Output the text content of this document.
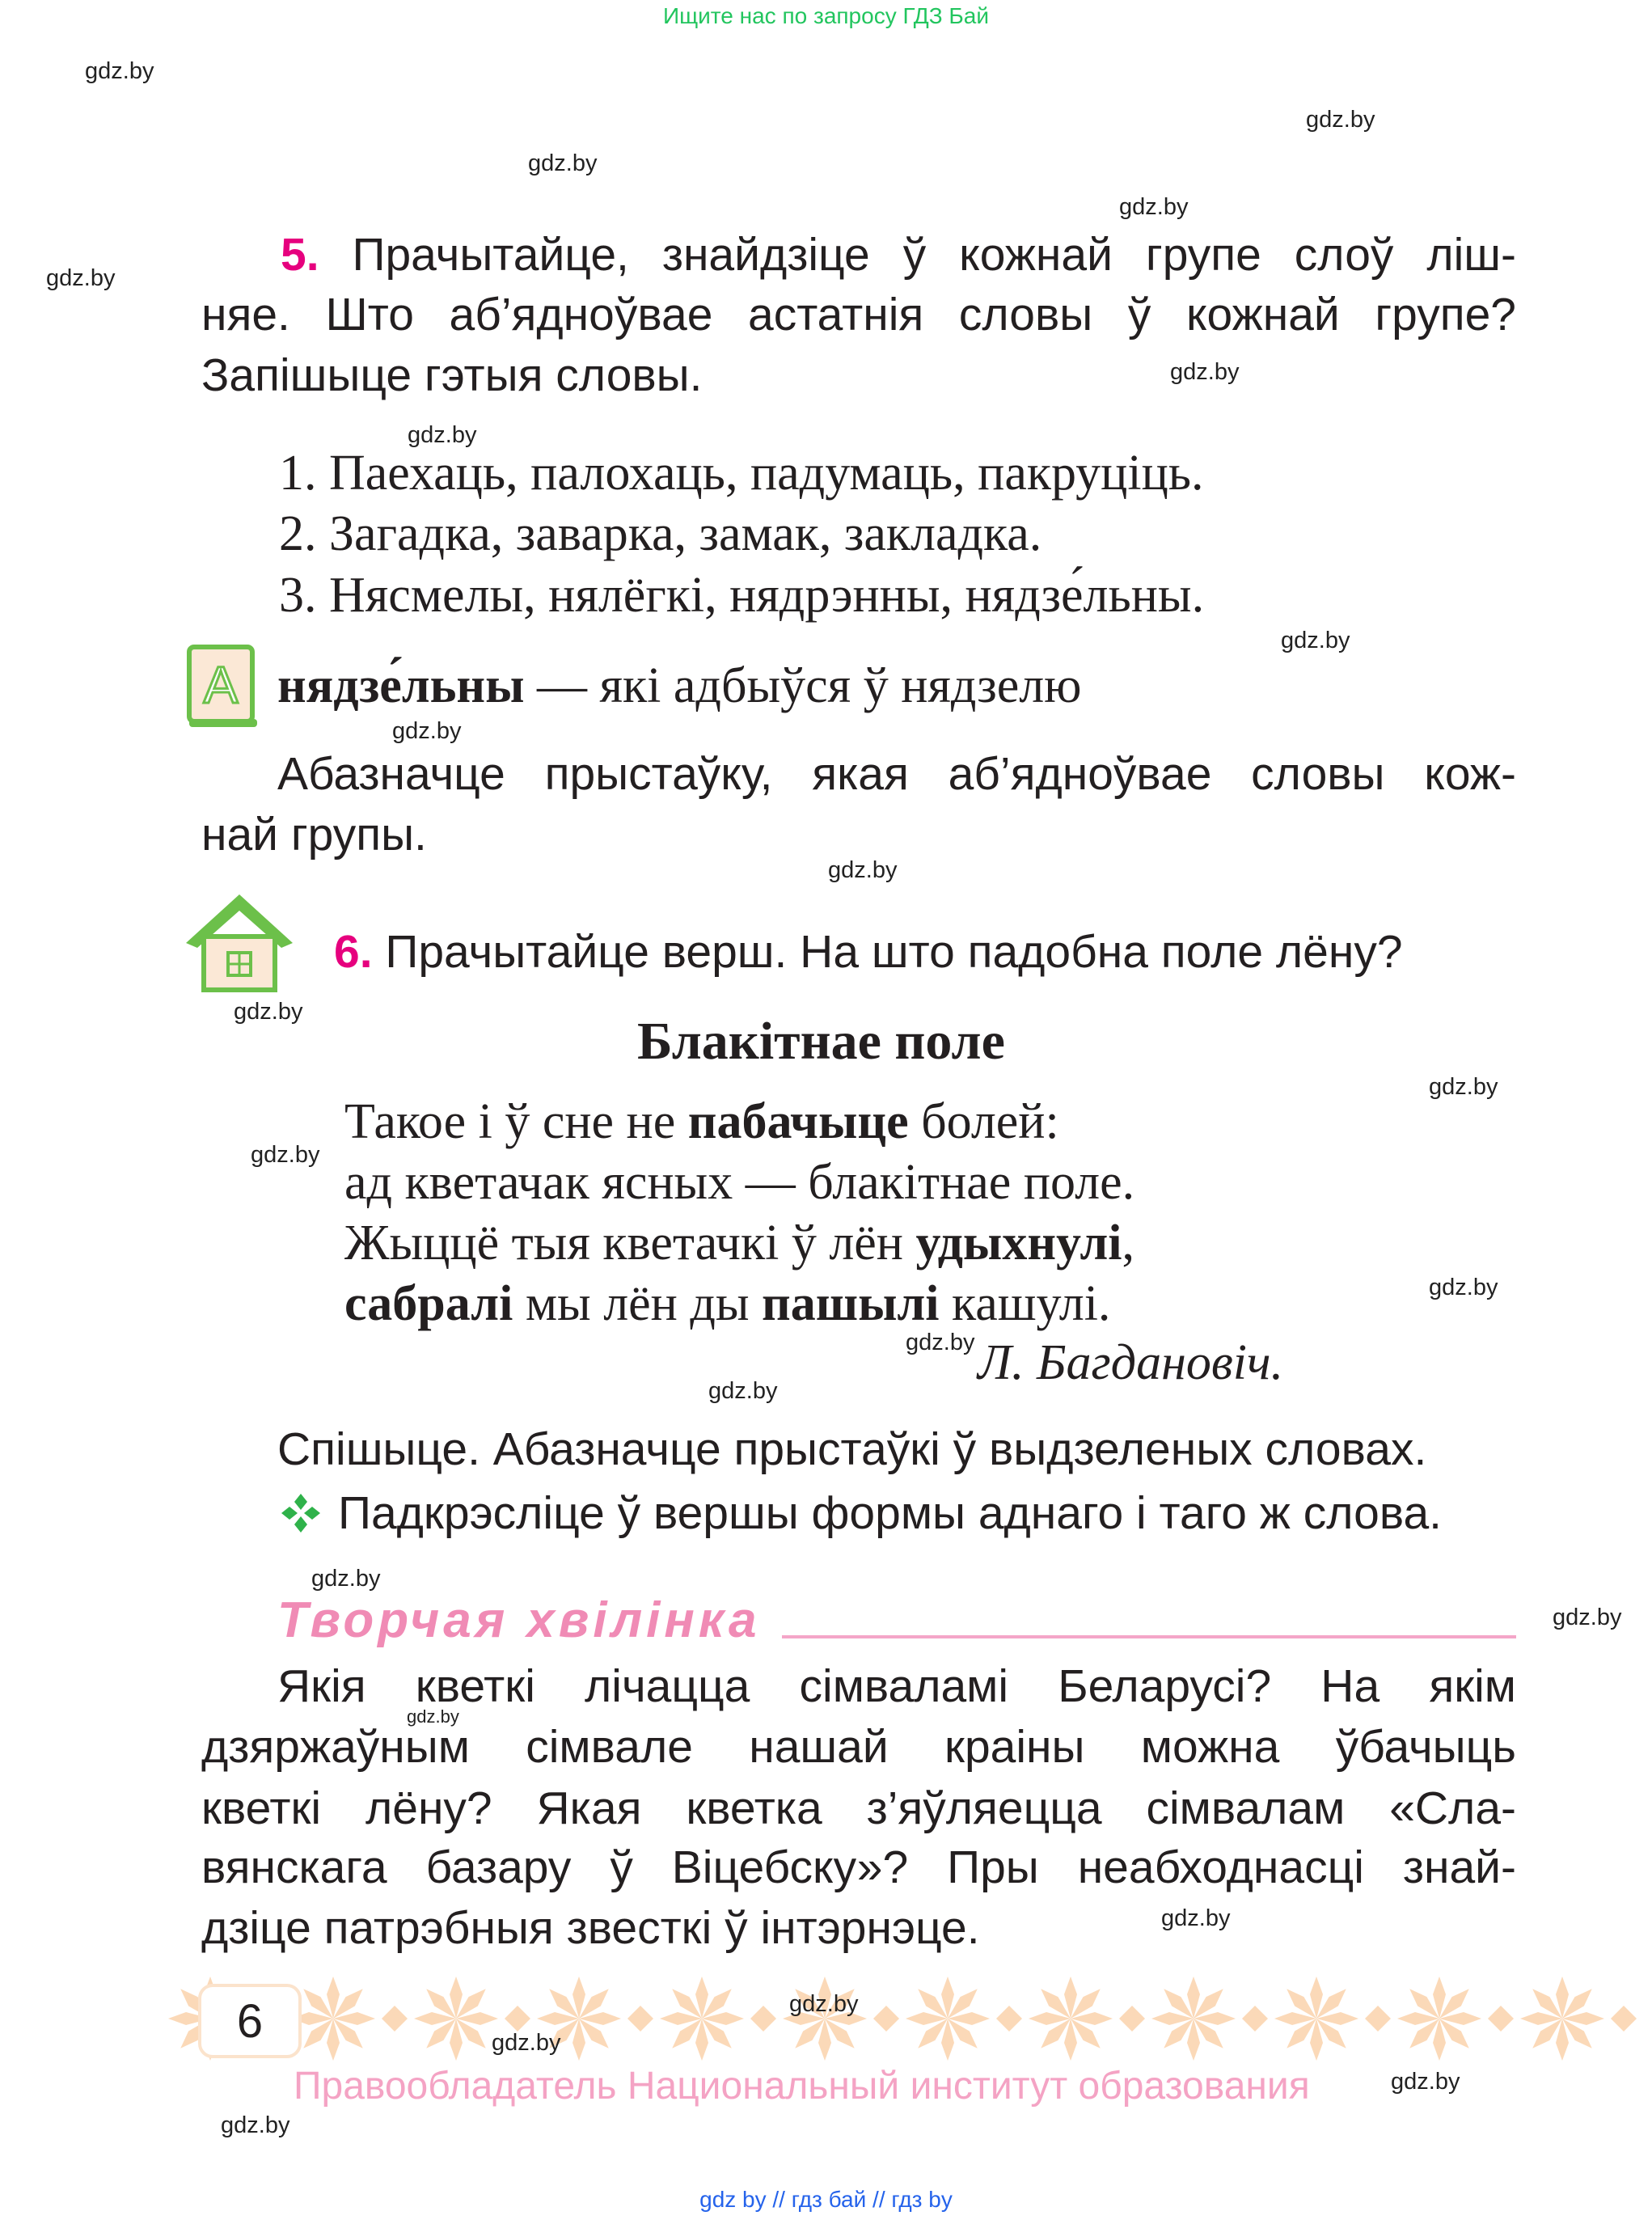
Ищите нас по запросу ГДЗ Бай
5. Прачытайце, знайдзіце ў кожнай групе слоў ліш-
няе. Што аб’ядноўвае астатнія словы ў кожнай групе?
Запішыце гэтыя словы.
1. Паехаць, палохаць, падумаць, пакруціць.
2. Загадка, заварка, замак, закладка.
3. Нясмелы, нялёгкі, нядрэнны, нядзе́льны.
А нядзе́льны — які адбыўся ў нядзелю
Абазначце прыстаўку, якая аб’ядноўвае словы кож-
най групы.
6. Прачытайце верш. На што падобна поле лёну?
Блакітнае поле
Такое і ў сне не пабачыце болей:
ад кветачак ясных — блакітнае поле.
Жыццё тыя кветачкі ў лён удыхнулі,
сабралі мы лён ды пашылі кашулі.
Л. Багдановіч.
Спішыце. Абазначце прыстаўкі ў выдзеленых словах.
Падкрэсліце ў вершы формы аднаго і таго ж слова.
Творчая хвілінка
Якія кветкі лічацца сімваламі Беларусі? На якім
дзяржаўным сімвале нашай краіны можна ўбачыць
кветкі лёну? Якая кветка з’яўляецца сімвалам «Сла-
вянскага базару ў Віцебску»? Пры неабходнасці знай-
дзіце патрэбныя звесткі ў інтэрнэце.
6
Правообладатель Национальный институт образования
gdz by // гдз бай // гдз by
gdz.by
gdz.by
gdz.by
gdz.by
gdz.by
gdz.by
gdz.by
gdz.by
gdz.by
gdz.by
gdz.by
gdz.by
gdz.by
gdz.by
gdz.by
gdz.by
gdz.by
gdz.by
gdz.by
gdz.by
gdz.by
gdz.by
gdz.by
gdz.by
